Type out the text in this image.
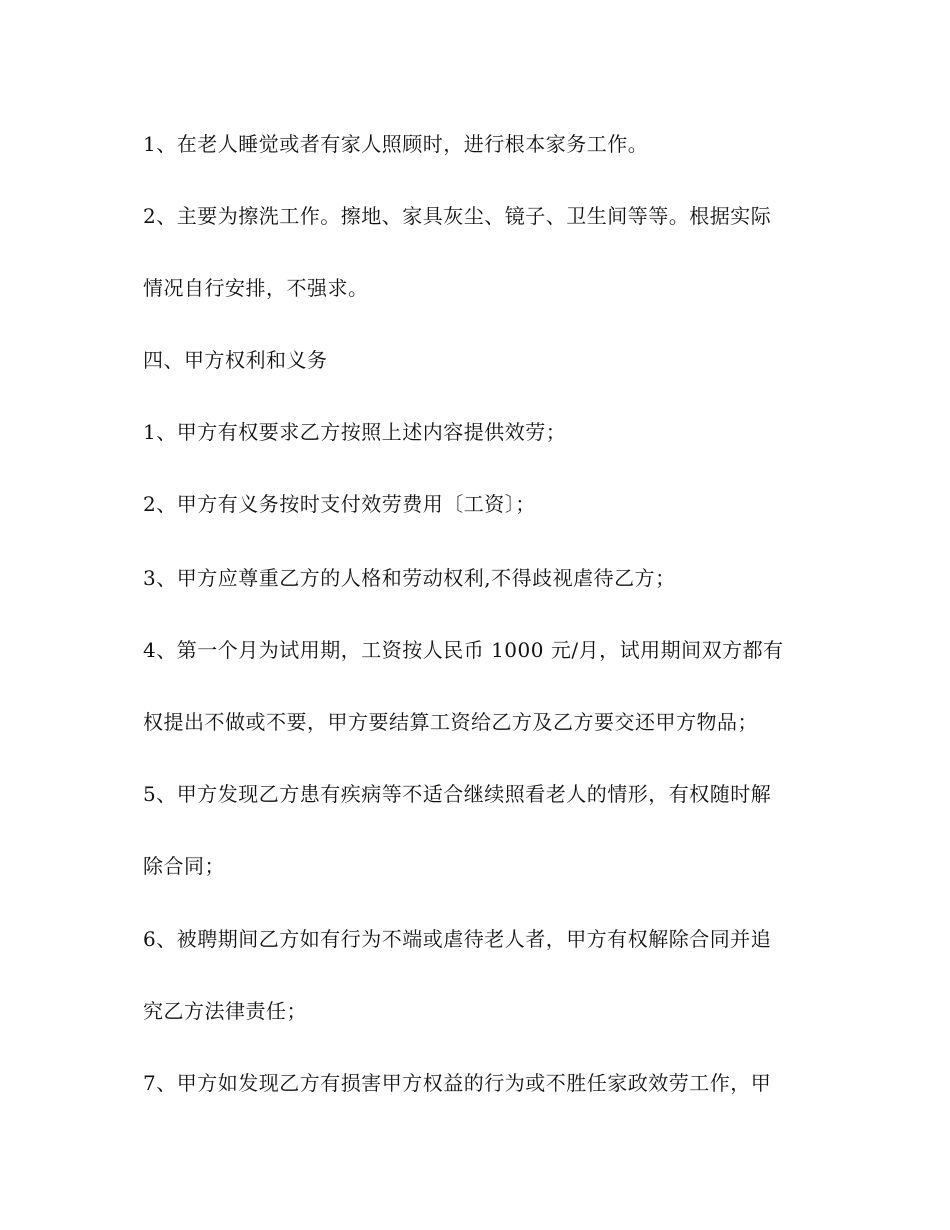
1、在老人睡觉或者有家人照顾时，进行根本家务工作。
2、主要为擦洗工作。擦地、家具灰尘、镜子、卫生间等等。根据实际
情况自行安排，不强求。
四、甲方权利和义务
1、甲方有权要求乙方按照上述内容提供效劳；
2、甲方有义务按时支付效劳费用〔工资〕；
3、甲方应尊重乙方的人格和劳动权利,不得歧视虐待乙方；
4、第一个月为试用期，工资按人民币 1000 元/月，试用期间双方都有
权提出不做或不要，甲方要结算工资给乙方及乙方要交还甲方物品；
5、甲方发现乙方患有疾病等不适合继续照看老人的情形，有权随时解
除合同；
6、被聘期间乙方如有行为不端或虐待老人者，甲方有权解除合同并追
究乙方法律责任；
7、甲方如发现乙方有损害甲方权益的行为或不胜任家政效劳工作，甲
